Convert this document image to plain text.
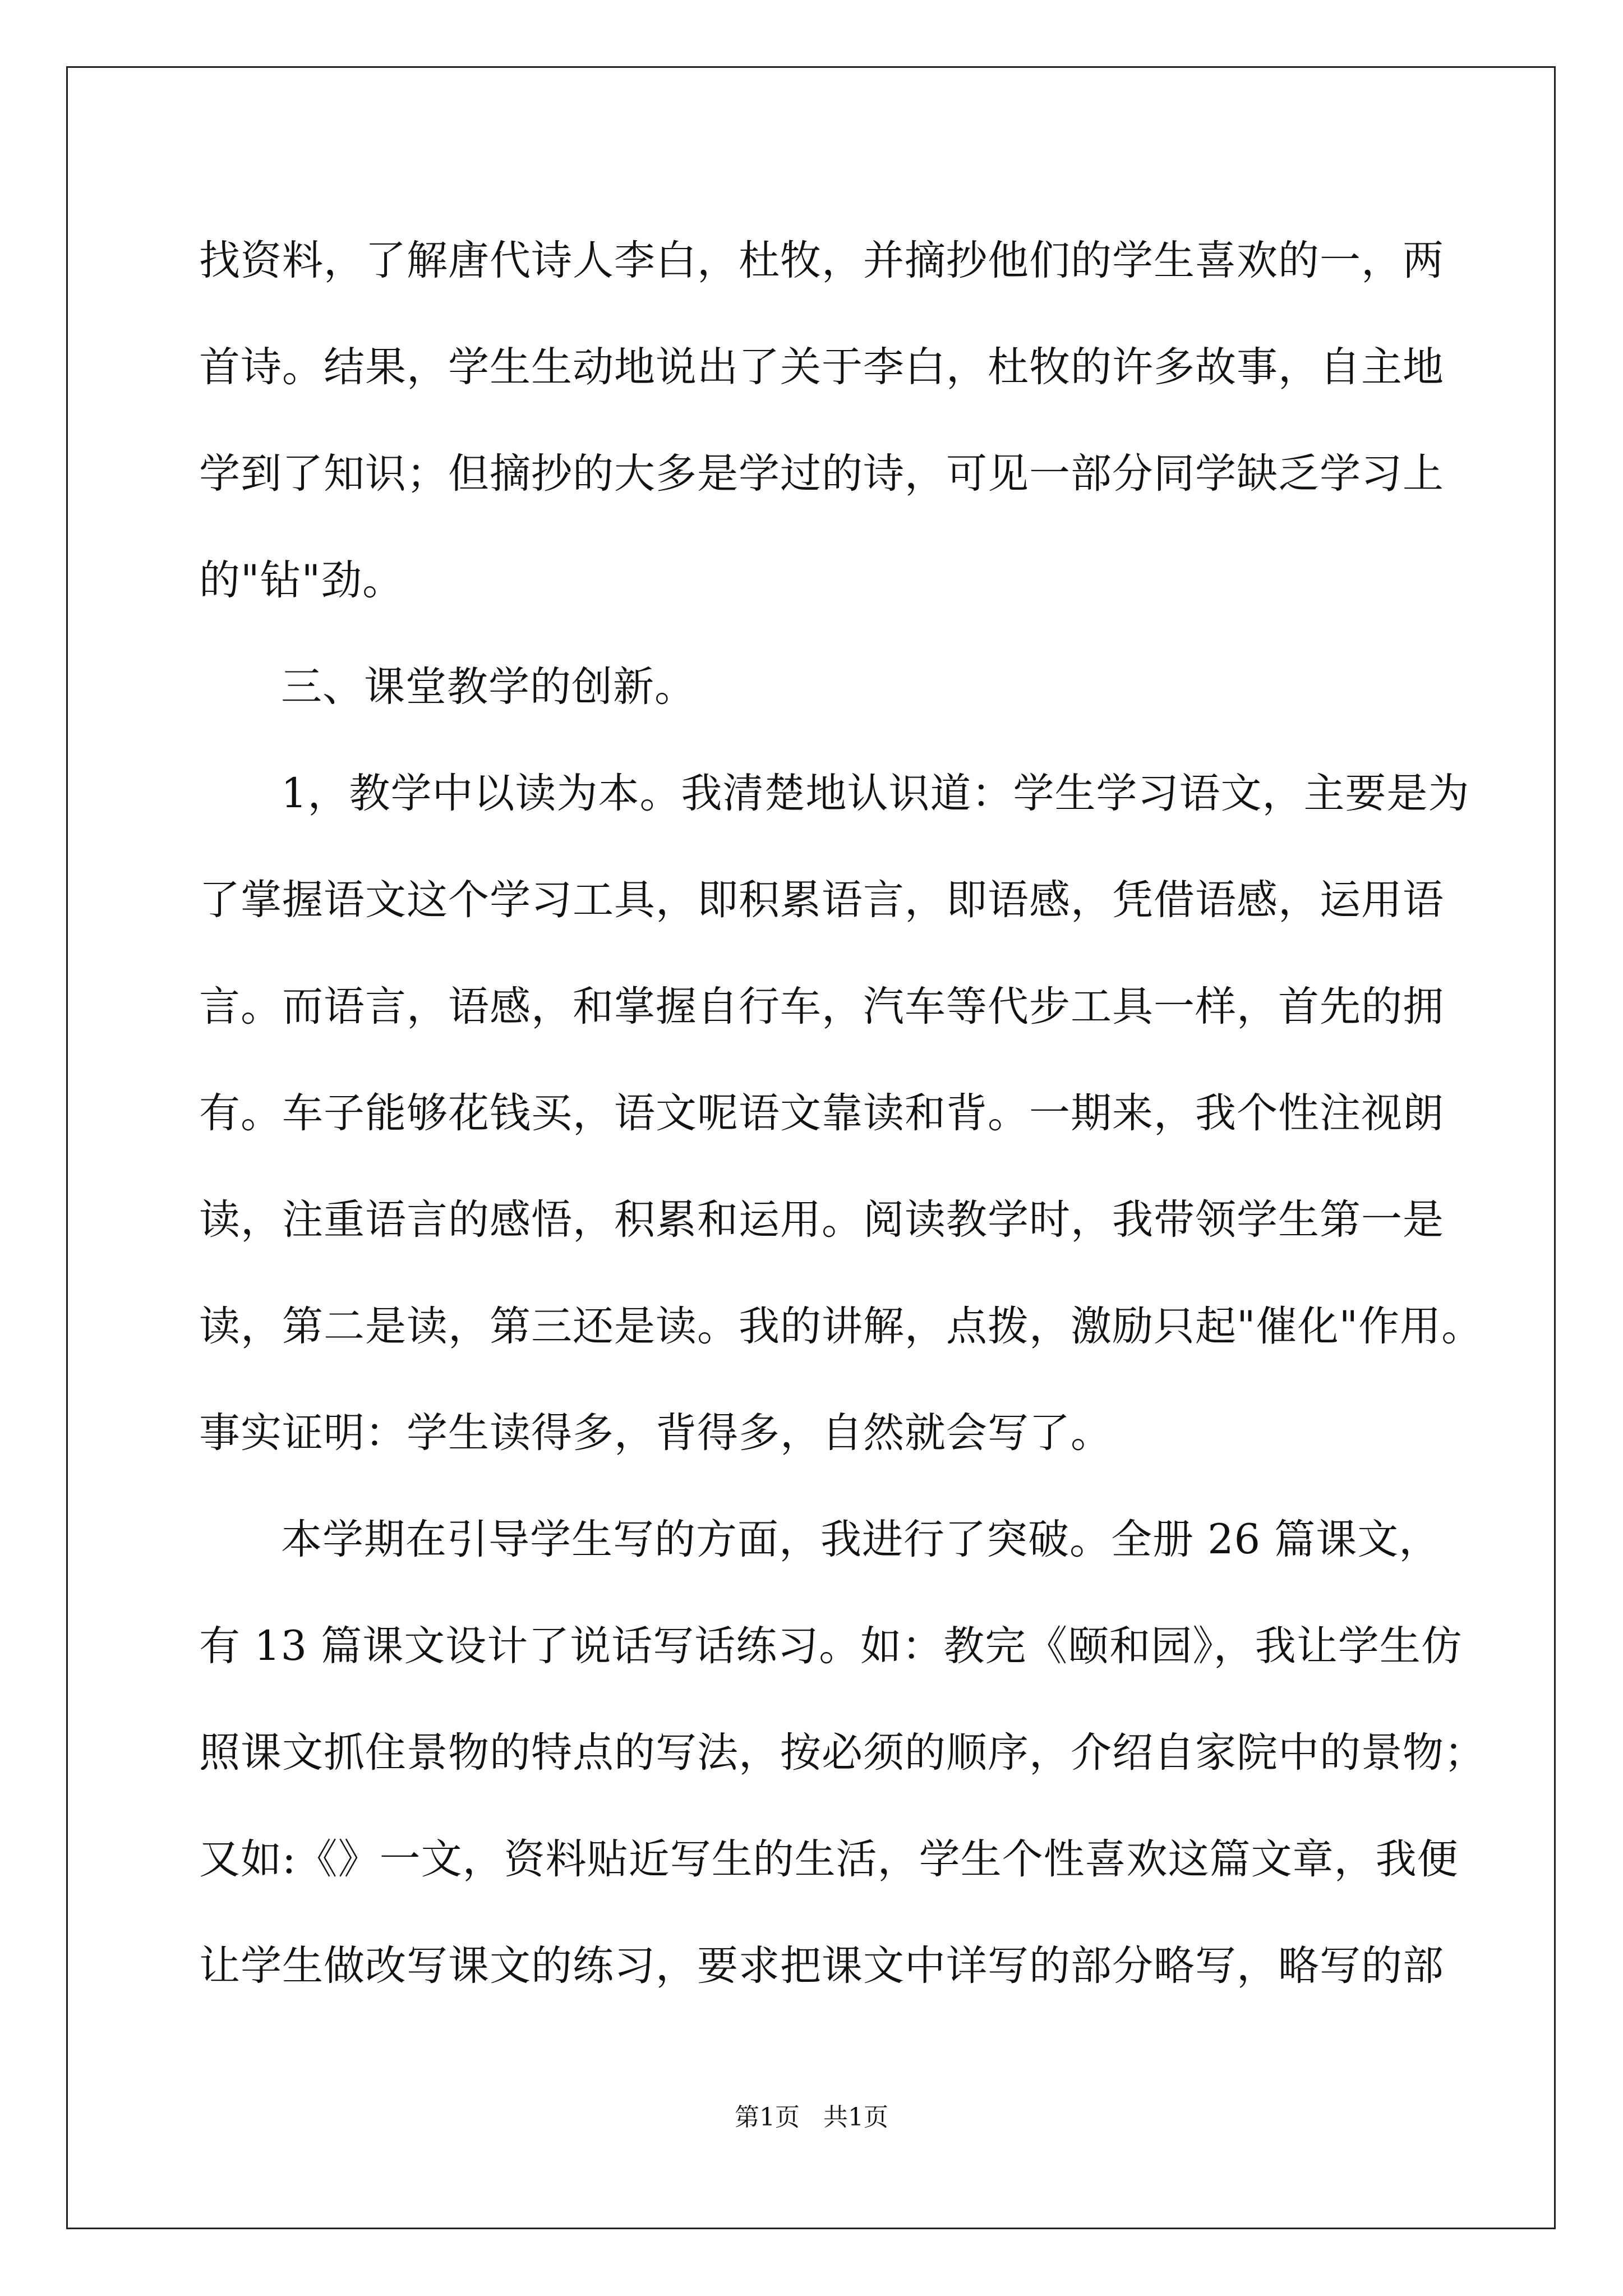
找资料，了解唐代诗人李白，杜牧，并摘抄他们的学生喜欢的一，两
首诗。结果，学生生动地说出了关于李白，杜牧的许多故事，自主地
学到了知识；但摘抄的大多是学过的诗，可见一部分同学缺乏学习上
的"钻"劲。
三、课堂教学的创新。
1，教学中以读为本。我清楚地认识道：学生学习语文，主要是为
了掌握语文这个学习工具，即积累语言，即语感，凭借语感，运用语
言。而语言，语感，和掌握自行车，汽车等代步工具一样，首先的拥
有。车子能够花钱买，语文呢语文靠读和背。一期来，我个性注视朗
读，注重语言的感悟，积累和运用。阅读教学时，我带领学生第一是
读，第二是读，第三还是读。我的讲解，点拨，激励只起"催化"作用。
事实证明：学生读得多，背得多，自然就会写了。
本学期在引导学生写的方面，我进行了突破。全册 26 篇课文，
有 13 篇课文设计了说话写话练习。如：教完《颐和园》，我让学生仿
照课文抓住景物的特点的写法，按必须的顺序，介绍自家院中的景物；
又如:《》一文，资料贴近写生的生活，学生个性喜欢这篇文章，我便
让学生做改写课文的练习，要求把课文中详写的部分略写，略写的部
第1页   共1页
